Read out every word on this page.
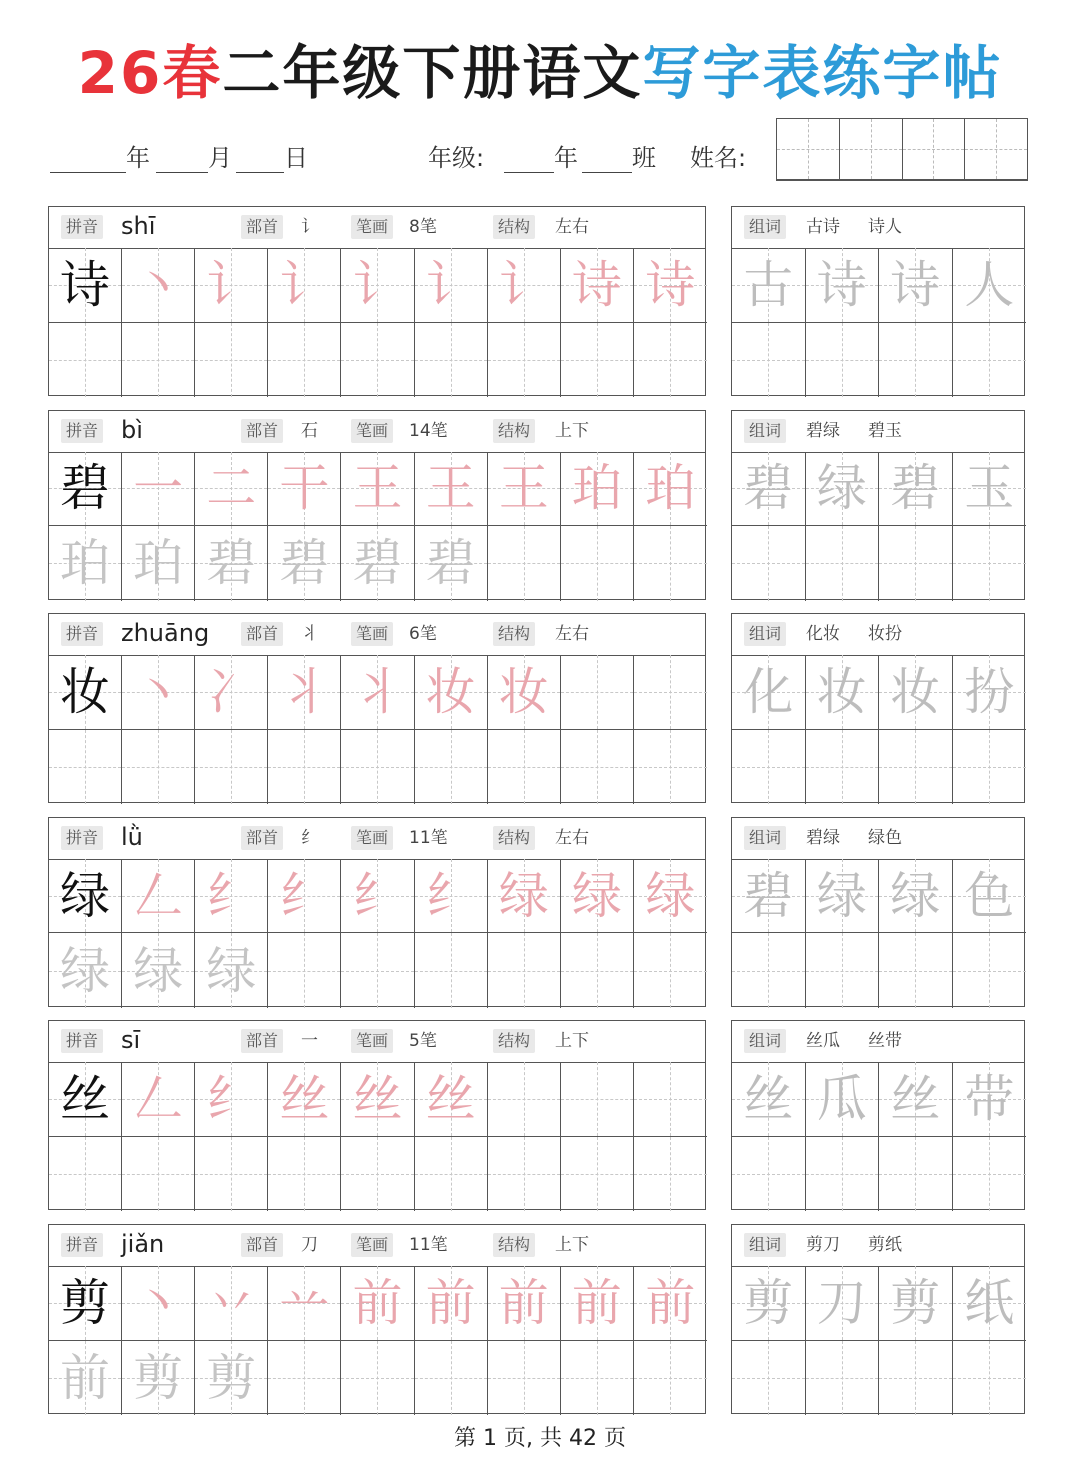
26春二年级下册语文写字表练字帖
年	月	日	年级:	年	班 姓名:
拼音 shī	部首 讠	笔画 8笔	结构 左右
诗 丶 讠 讠 讠 讠 讠 诗 诗
组词 古诗 诗人
古 诗 诗 人
拼音 bì	部首 石	笔画 14笔	结构 上下
碧 一 二 干 王 王 王 珀 珀
珀 珀 碧 碧 碧 碧
组词 碧绿 碧玉
碧 绿 碧 玉
拼音 zhuāng	部首 丬	笔画 6笔	结构 左右
妆 丶 冫 丬 丬 妆 妆
组词 化妆 妆扮
化 妆 妆 扮
拼音 lǜ	部首 纟	笔画 11笔	结构 左右
绿 𠃋 纟 纟 纟 纟 绿 绿 绿
绿 绿 绿
组词 碧绿 绿色
碧 绿 绿 色
拼音 sī	部首 一	笔画 5笔	结构 上下
丝 𠃋 纟 丝 丝 丝
组词 丝瓜 丝带
丝 瓜 丝 带
拼音 jiǎn	部首 刀	笔画 11笔	结构 上下
剪 丶 丷 䒑 前 前 前 前 前
前 剪 剪
组词 剪刀 剪纸
剪 刀 剪 纸
第 1 页, 共 42 页
